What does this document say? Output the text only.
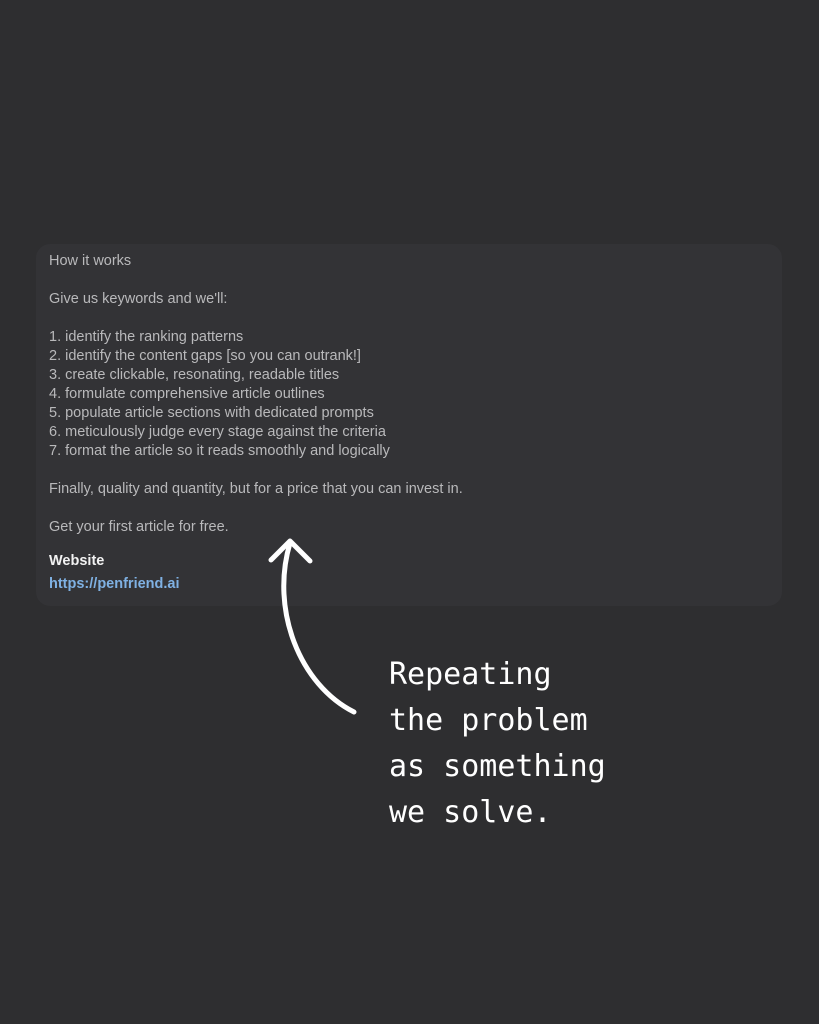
How it works
Give us keywords and we'll:
1. identify the ranking patterns
2. identify the content gaps [so you can outrank!]
3. create clickable, resonating, readable titles
4. formulate comprehensive article outlines
5. populate article sections with dedicated prompts
6. meticulously judge every stage against the criteria
7. format the article so it reads smoothly and logically
Finally, quality and quantity, but for a price that you can invest in.
Get your first article for free.
Website
https://penfriend.ai
Repeating
the problem
as something
we solve.
